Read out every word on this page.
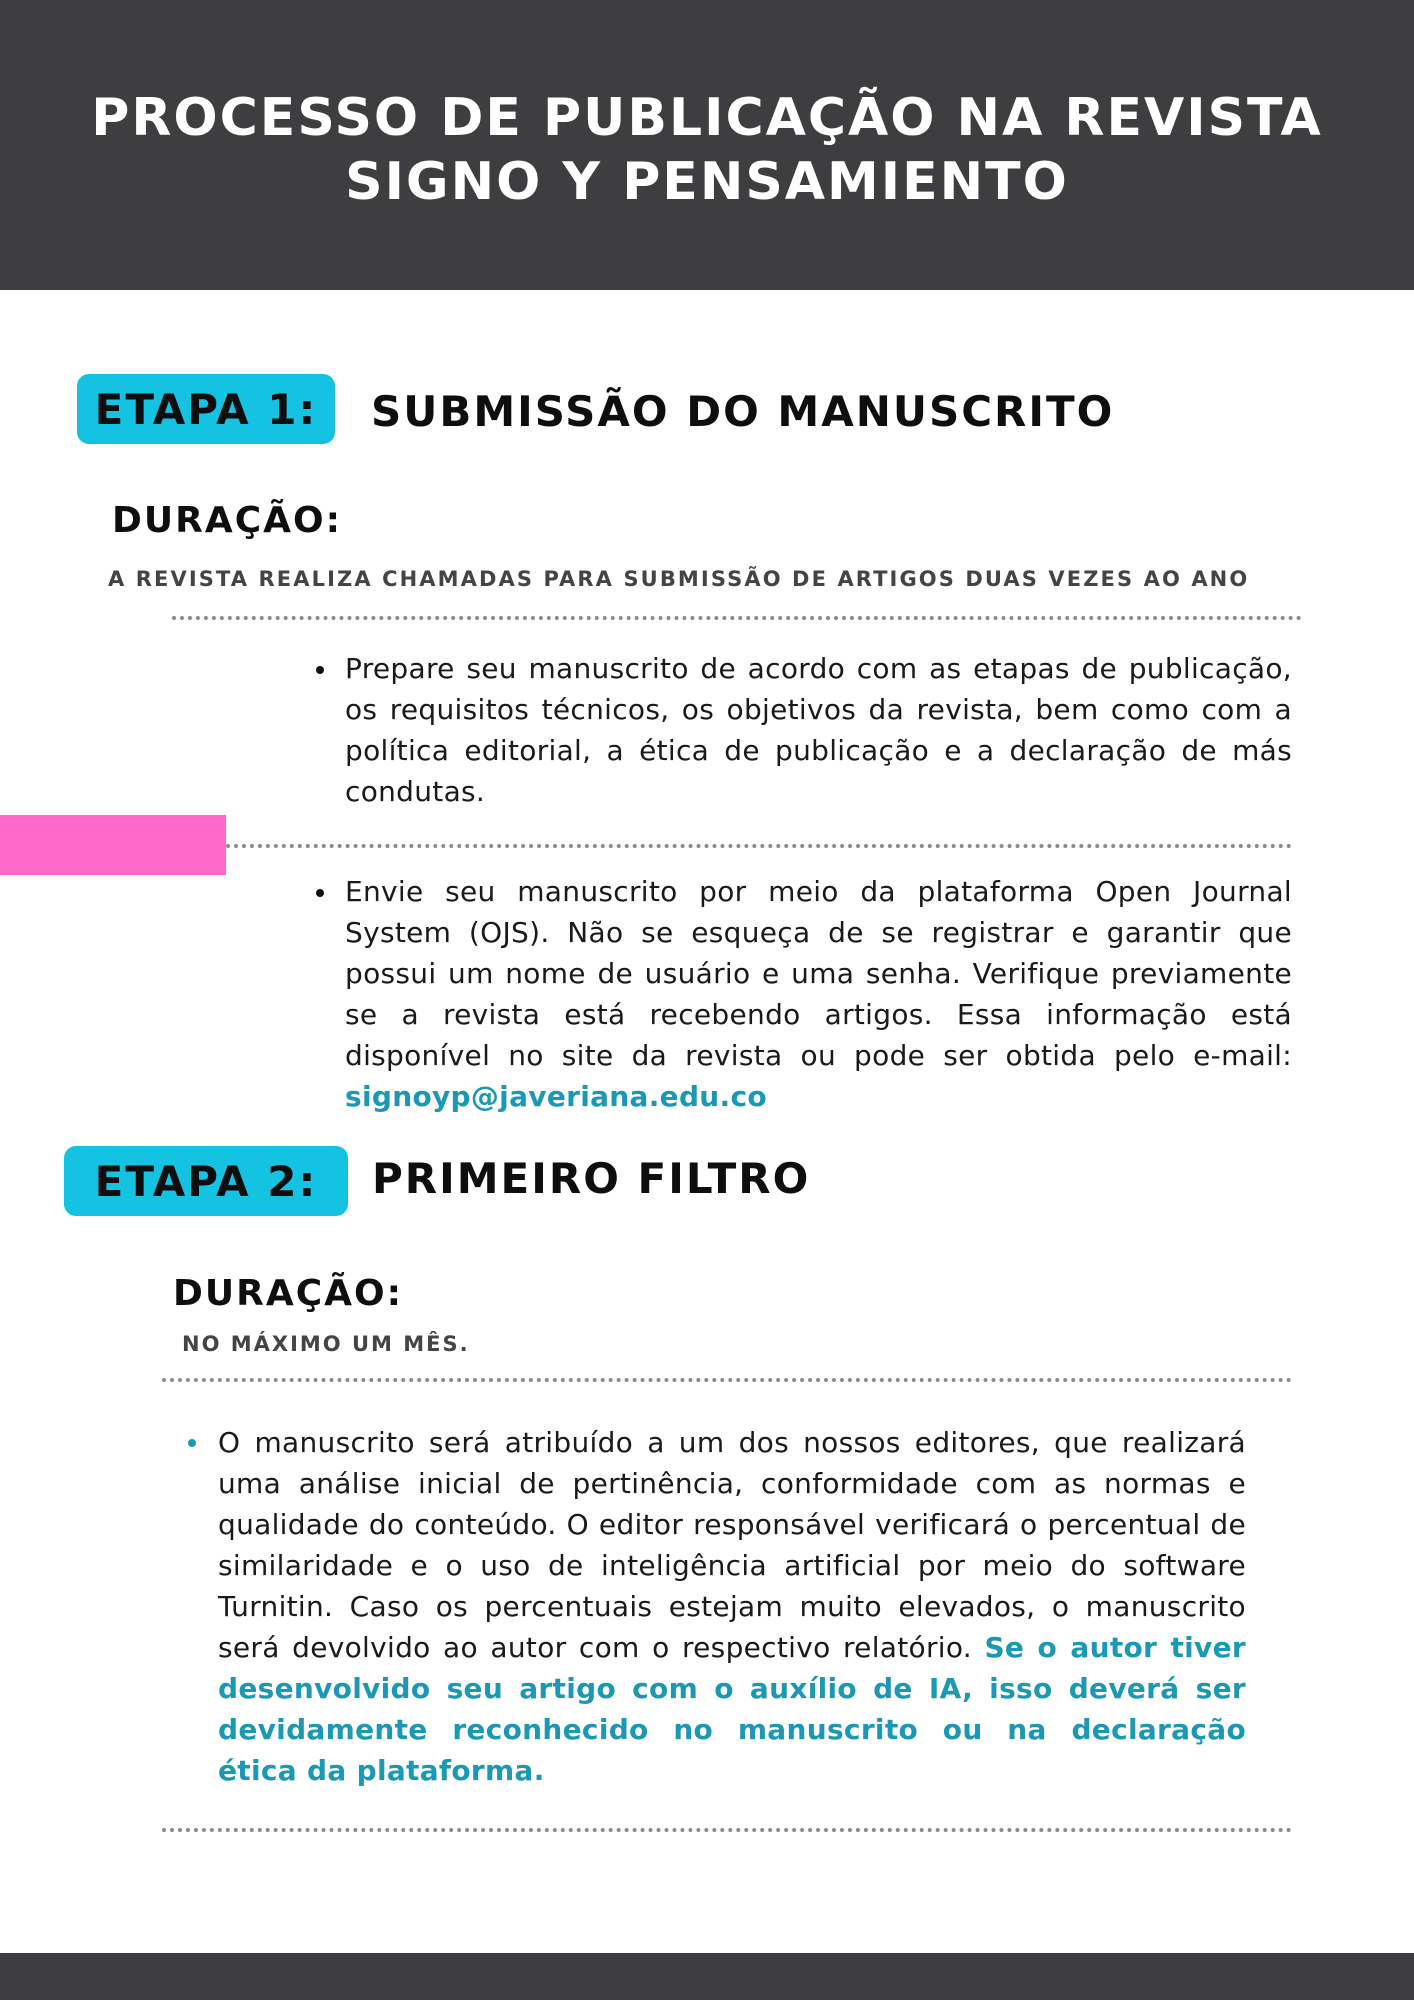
PROCESSO DE PUBLICAÇÃO NA REVISTA
SIGNO Y PENSAMIENTO
ETAPA 1:	SUBMISSÃO DO MANUSCRITO
DURAÇÃO:
A REVISTA REALIZA CHAMADAS PARA SUBMISSÃO DE ARTIGOS DUAS VEZES AO ANO
Prepare seu manuscrito de acordo com as etapas de publicação, os requisitos técnicos, os objetivos da revista, bem como com a política editorial, a ética de publicação e a declaração de más condutas.
Envie seu manuscrito por meio da plataforma Open Journal System (OJS). Não se esqueça de se registrar e garantir que possui um nome de usuário e uma senha. Verifique previamente se a revista está recebendo artigos. Essa informação está disponível no site da revista ou pode ser obtida pelo e-mail: signoyp@javeriana.edu.co
ETAPA 2:	PRIMEIRO FILTRO
DURAÇÃO:
NO MÁXIMO UM MÊS.
O manuscrito será atribuído a um dos nossos editores, que realizará uma análise inicial de pertinência, conformidade com as normas e qualidade do conteúdo. O editor responsável verificará o percentual de similaridade e o uso de inteligência artificial por meio do software Turnitin. Caso os percentuais estejam muito elevados, o manuscrito será devolvido ao autor com o respectivo relatório. Se o autor tiver desenvolvido seu artigo com o auxílio de IA, isso deverá ser devidamente reconhecido no manuscrito ou na declaração ética da plataforma.
